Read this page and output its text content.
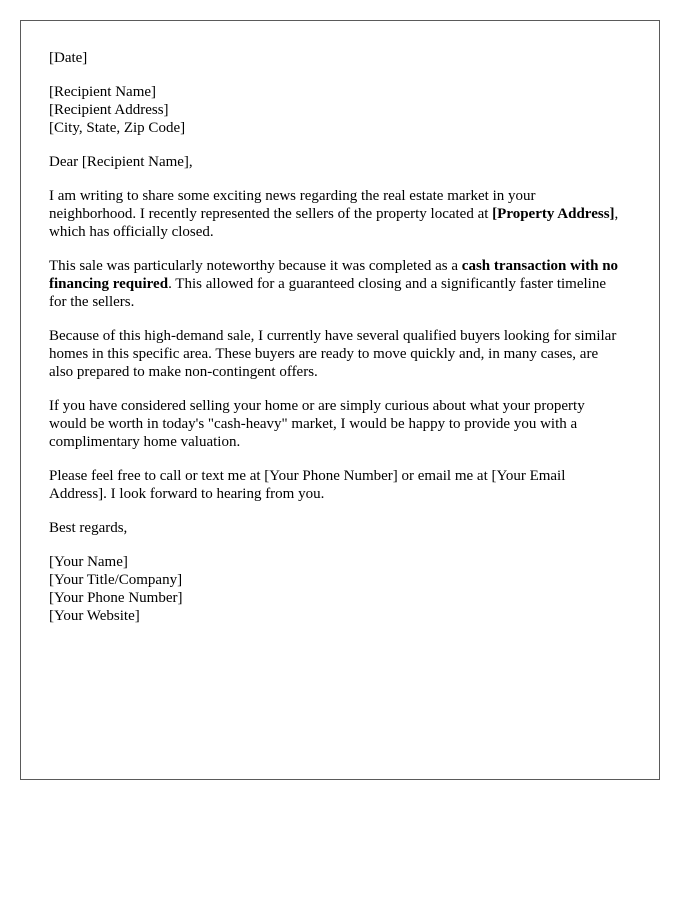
[Date]

[Recipient Name]
[Recipient Address]
[City, State, Zip Code]

Dear [Recipient Name],

I am writing to share some exciting news regarding the real estate market in your neighborhood. I recently represented the sellers of the property located at [Property Address], which has officially closed.

This sale was particularly noteworthy because it was completed as a cash transaction with no financing required. This allowed for a guaranteed closing and a significantly faster timeline for the sellers.

Because of this high-demand sale, I currently have several qualified buyers looking for similar homes in this specific area. These buyers are ready to move quickly and, in many cases, are also prepared to make non-contingent offers.

If you have considered selling your home or are simply curious about what your property would be worth in today's "cash-heavy" market, I would be happy to provide you with a complimentary home valuation.

Please feel free to call or text me at [Your Phone Number] or email me at [Your Email Address]. I look forward to hearing from you.

Best regards,

[Your Name]
[Your Title/Company]
[Your Phone Number]
[Your Website]
